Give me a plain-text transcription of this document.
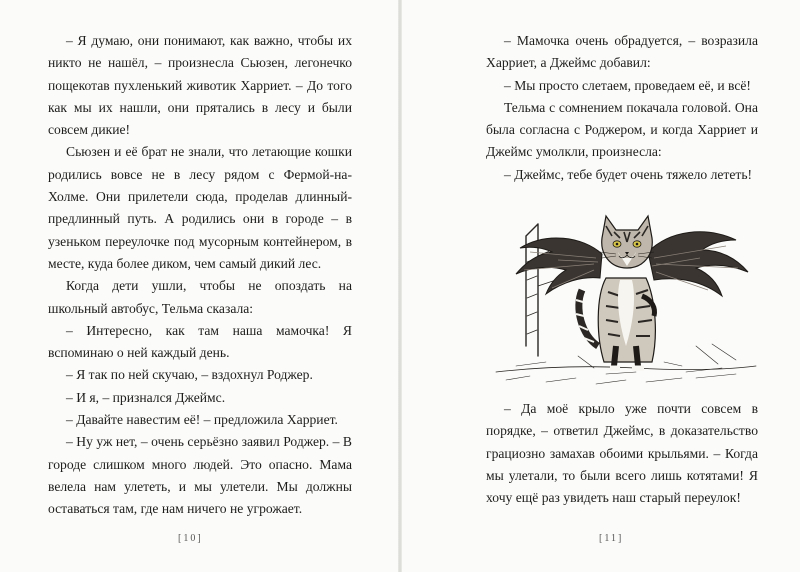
– Я думаю, они понимают, как важно, чтобы их никто не нашёл, – произнесла Сьюзен, легонечко пощекотав пухленький животик Харриет. – До того как мы их нашли, они прятались в лесу и были совсем дикие!

Сьюзен и её брат не знали, что летающие кошки родились вовсе не в лесу рядом с Фермой-на-Холме. Они прилетели сюда, проделав длинный-предлинный путь. А родились они в городе – в узеньком переулочке под мусорным контейнером, в месте, куда более диком, чем самый дикий лес.

Когда дети ушли, чтобы не опоздать на школьный автобус, Тельма сказала:

– Интересно, как там наша мамочка! Я вспоминаю о ней каждый день.

– Я так по ней скучаю, – вздохнул Роджер.

– И я, – признался Джеймс.

– Давайте навестим её! – предложила Харриет.

– Ну уж нет, – очень серьёзно заявил Роджер. – В городе слишком много людей. Это опасно. Мама велела нам улететь, и мы улетели. Мы должны оставаться там, где нам ничего не угрожает.

[10]

– Мамочка очень обрадуется, – возразила Харриет, а Джеймс добавил:

– Мы просто слетаем, проведаем её, и всё!

Тельма с сомнением покачала головой. Она была согласна с Роджером, и когда Харриет и Джеймс умолкли, произнесла:

– Джеймс, тебе будет очень тяжело лететь!

– Да моё крыло уже почти совсем в порядке, – ответил Джеймс, в доказательство грациозно замахав обоими крыльями. – Когда мы улетали, то были всего лишь котятами! Я хочу ещё раз увидеть наш старый переулок!

[11]
